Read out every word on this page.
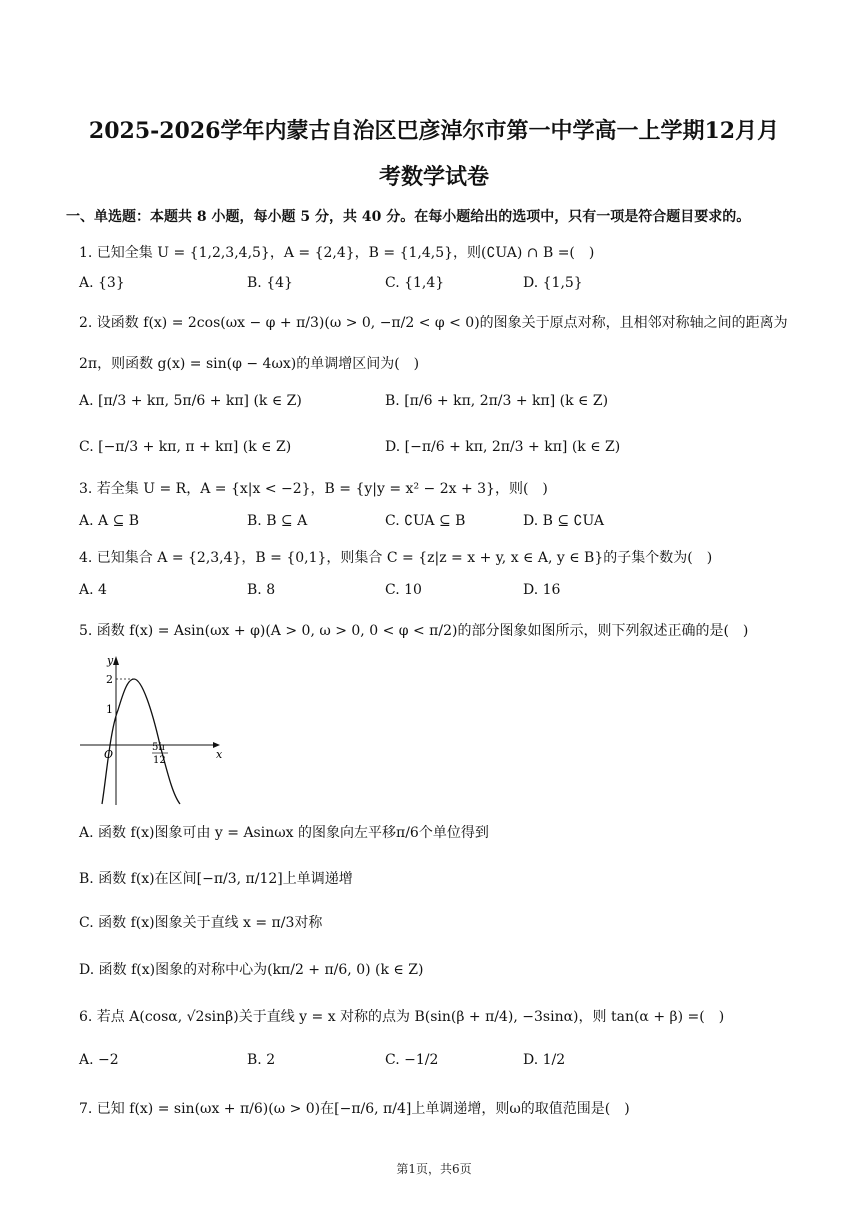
2025-2026学年内蒙古自治区巴彦淖尔市第一中学高一上学期12月月
考数学试卷
一、单选题：本题共 8 小题，每小题 5 分，共 40 分。在每小题给出的选项中，只有一项是符合题目要求的。
1. 已知全集 U = {1,2,3,4,5}，A = {2,4}，B = {1,4,5}，则(∁UA) ∩ B =(　)
A. {3}	B. {4}	C. {1,4}	D. {1,5}
2. 设函数 f(x) = 2cos(ωx − φ + π/3)(ω > 0, −π/2 < φ < 0)的图象关于原点对称，且相邻对称轴之间的距离为
2π，则函数 g(x) = sin(φ − 4ωx)的单调增区间为(　)
A. [π/3 + kπ, 5π/6 + kπ] (k ∈ Z)	B. [π/6 + kπ, 2π/3 + kπ] (k ∈ Z)
C. [−π/3 + kπ, π + kπ] (k ∈ Z)	D. [−π/6 + kπ, 2π/3 + kπ] (k ∈ Z)
3. 若全集 U = R，A = {x|x < −2}，B = {y|y = x² − 2x + 3}，则(　)
A. A ⊆ B	B. B ⊆ A	C. ∁UA ⊆ B	D. B ⊆ ∁UA
4. 已知集合 A = {2,3,4}，B = {0,1}，则集合 C = {z|z = x + y, x ∈ A, y ∈ B}的子集个数为(　)
A. 4	B. 8	C. 10	D. 16
5. 函数 f(x) = Asin(ωx + φ)(A > 0, ω > 0, 0 < φ < π/2)的部分图象如图所示，则下列叙述正确的是(　)
y
x
O
2
1
5π
12
A. 函数 f(x)图象可由 y = Asinωx 的图象向左平移π/6个单位得到
B. 函数 f(x)在区间[−π/3, π/12]上单调递增
C. 函数 f(x)图象关于直线 x = π/3对称
D. 函数 f(x)图象的对称中心为(kπ/2 + π/6, 0) (k ∈ Z)
6. 若点 A(cosα, √2sinβ)关于直线 y = x 对称的点为 B(sin(β + π/4), −3sinα)，则 tan(α + β) =(　)
A. −2	B. 2	C. −1/2	D. 1/2
7. 已知 f(x) = sin(ωx + π/6)(ω > 0)在[−π/6, π/4]上单调递增，则ω的取值范围是(　)
第1页，共6页
